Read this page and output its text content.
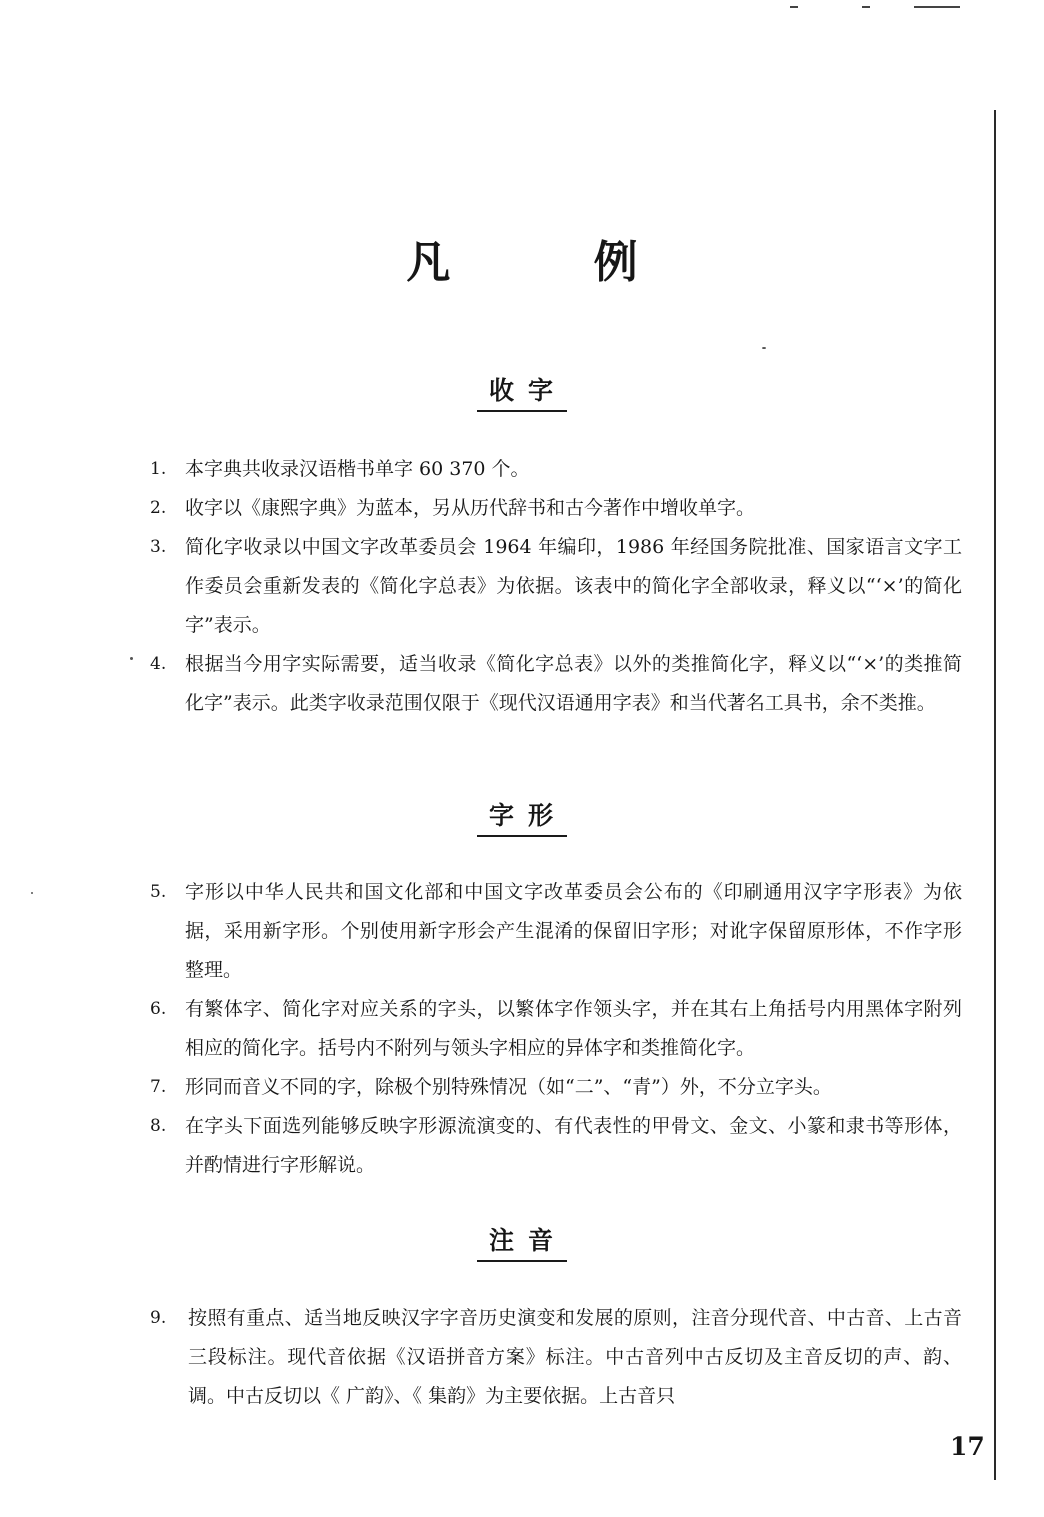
凡 例
收字
1. 本字典共收录汉语楷书单字 60 370 个。
2. 收字以《康熙字典》为蓝本，另从历代辞书和古今著作中增收单字。
3. 简化字收录以中国文字改革委员会 1964 年编印，1986 年经国务院批准、国家语言文字工作委员会重新发表的《简化字总表》为依据。该表中的简化字全部收录，释义以“‘×’的简化字”表示。
4. 根据当今用字实际需要，适当收录《简化字总表》以外的类推简化字，释义以“‘×’的类推简化字”表示。此类字收录范围仅限于《现代汉语通用字表》和当代著名工具书，余不类推。
字形
5. 字形以中华人民共和国文化部和中国文字改革委员会公布的《印刷通用汉字字形表》为依据，采用新字形。个别使用新字形会产生混淆的保留旧字形；对讹字保留原形体，不作字形整理。
6. 有繁体字、简化字对应关系的字头，以繁体字作领头字，并在其右上角括号内用黑体字附列相应的简化字。括号内不附列与领头字相应的异体字和类推简化字。
7. 形同而音义不同的字，除极个别特殊情况（如“二”、“青”）外，不分立字头。
8. 在字头下面选列能够反映字形源流演变的、有代表性的甲骨文、金文、小篆和隶书等形体，并酌情进行字形解说。
注音
9.	按照有重点、适当地反映汉字字音历史演变和发展的原则，注音分现代音、中古音、上古音三段标注。现代音依据《汉语拼音方案》标注。中古音列中古反切及主音反切的声、韵、调。中古反切以《 广韵》、《 集韵》为主要依据。上古音只
17
